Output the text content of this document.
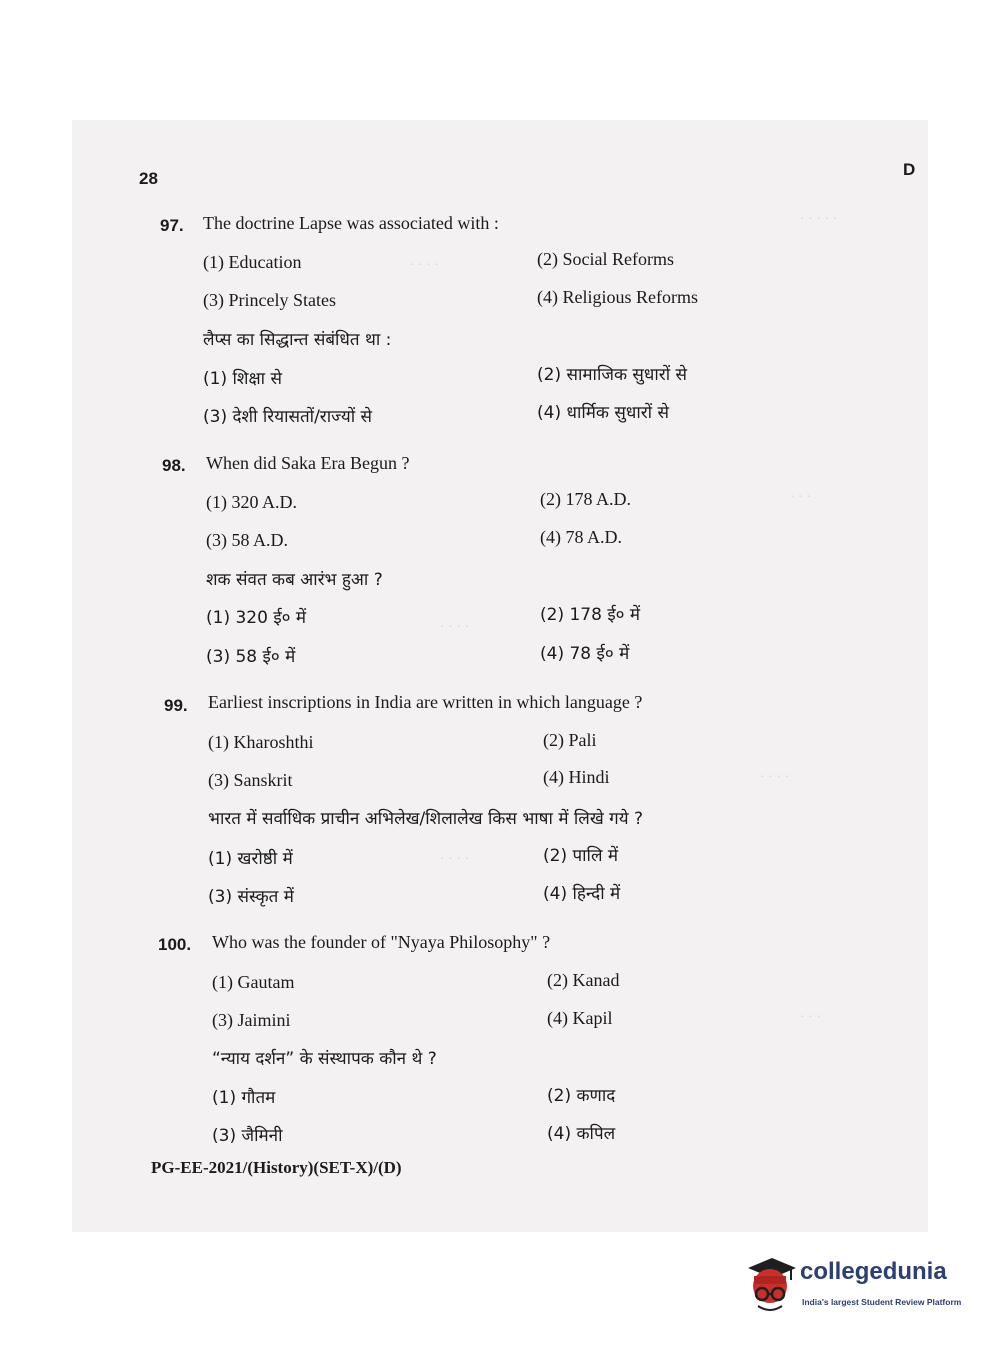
· · · · ·
· · · ·
· · ·
· · · ·
· · · ·
· · · ·
· · ·
28	D
97. The doctrine Lapse was associated with :
(1) Education	(2) Social Reforms
(3) Princely States	(4) Religious Reforms
लैप्स का सिद्धान्त संबंधित था :
(1) शिक्षा से	(2) सामाजिक सुधारों से
(3) देशी रियासतों/राज्यों से	(4) धार्मिक सुधारों से
98. When did Saka Era Begun ?
(1) 320 A.D.	(2) 178 A.D.
(3) 58 A.D.	(4) 78 A.D.
शक संवत कब आरंभ हुआ ?
(1) 320 ई० में	(2) 178 ई० में
(3) 58 ई० में	(4) 78 ई० में
99. Earliest inscriptions in India are written in which language ?
(1) Kharoshthi	(2) Pali
(3) Sanskrit	(4) Hindi
भारत में सर्वाधिक प्राचीन अभिलेख/शिलालेख किस भाषा में लिखे गये ?
(1) खरोष्ठी में	(2) पालि में
(3) संस्कृत में	(4) हिन्दी में
100. Who was the founder of "Nyaya Philosophy" ?
(1) Gautam	(2) Kanad
(3) Jaimini	(4) Kapil
“न्याय दर्शन” के संस्थापक कौन थे ?
(1) गौतम	(2) कणाद
(3) जैमिनी	(4) कपिल
PG-EE-2021/(History)(SET-X)/(D)
collegedunia
India's largest Student Review Platform
